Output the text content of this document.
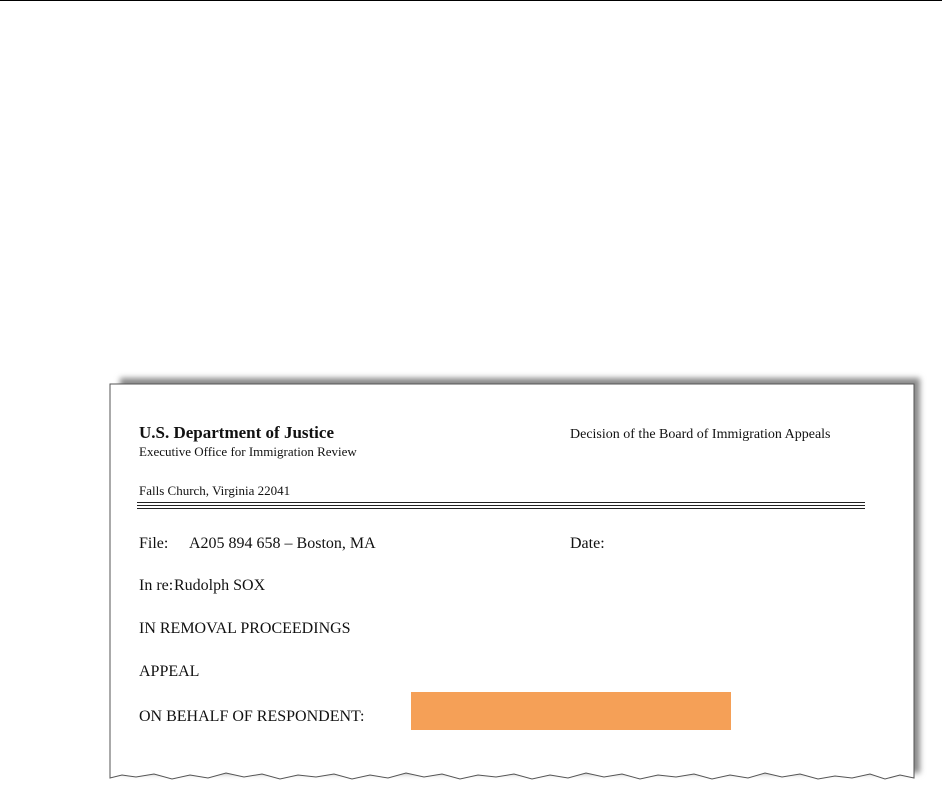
U.S. Department of Justice
Executive Office for Immigration Review
Falls Church, Virginia 22041
Decision of the Board of Immigration Appeals
File: A205 894 658 – Boston, MA	Date:
In re: Rudolph SOX
IN REMOVAL PROCEEDINGS
APPEAL
ON BEHALF OF RESPONDENT:
